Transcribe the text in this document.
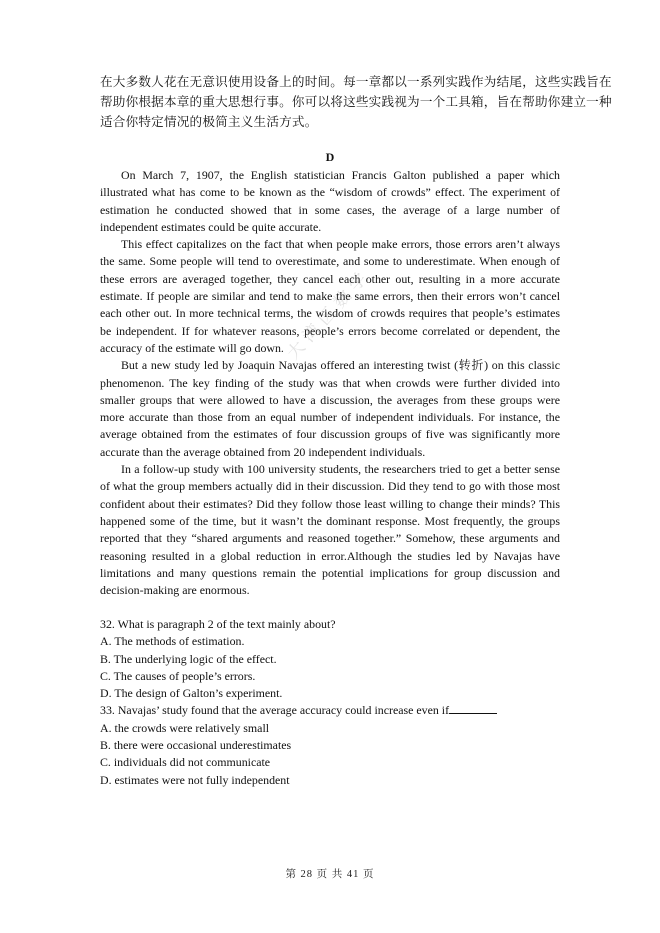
在大多数人花在无意识使用设备上的时间。每一章都以一系列实践作为结尾，这些实践旨在

帮助你根据本章的重大思想行事。你可以将这些实践视为一个工具箱，旨在帮助你建立一种

适合你特定情况的极简主义生活方式。

D

On March 7, 1907, the English statistician Francis Galton published a paper which illustrated what has come to be known as the “wisdom of crowds” effect. The experiment of estimation he conducted showed that in some cases, the average of a large number of independent estimates could be quite accurate.

This effect capitalizes on the fact that when people make errors, those errors aren’t always the same. Some people will tend to overestimate, and some to underestimate. When enough of these errors are averaged together, they cancel each other out, resulting in a more accurate estimate. If people are similar and tend to make the same errors, then their errors won’t cancel each other out. In more technical terms, the wisdom of crowds requires that people’s estimates be independent. If for whatever reasons, people’s errors become correlated or dependent, the accuracy of the estimate will go down.

But a new study led by Joaquin Navajas offered an interesting twist (转折) on this classic phenomenon. The key finding of the study was that when crowds were further divided into smaller groups that were allowed to have a discussion, the averages from these groups were more accurate than those from an equal number of independent individuals. For instance, the average obtained from the estimates of four discussion groups of five was significantly more accurate than the average obtained from 20 independent individuals.

In a follow-up study with 100 university students, the researchers tried to get a better sense of what the group members actually did in their discussion. Did they tend to go with those most confident about their estimates? Did they follow those least willing to change their minds? This happened some of the time, but it wasn’t the dominant response. Most frequently, the groups reported that they “shared arguments and reasoned together.” Somehow, these arguments and reasoning resulted in a global reduction in error.Although the studies led by Navajas have limitations and many questions remain the potential implications for group discussion and decision-making are enormous.

32. What is paragraph 2 of the text mainly about?

A. The methods of estimation.

B. The underlying logic of the effect.

C. The causes of people’s errors.

D. The design of Galton’s experiment.

33. Navajas’ study found that the average accuracy could increase even if

A. the crowds were relatively small

B. there were occasional underestimates

C. individuals did not communicate

D. estimates were not fully independent

大湾区数学
第 28 页 共 41 页
